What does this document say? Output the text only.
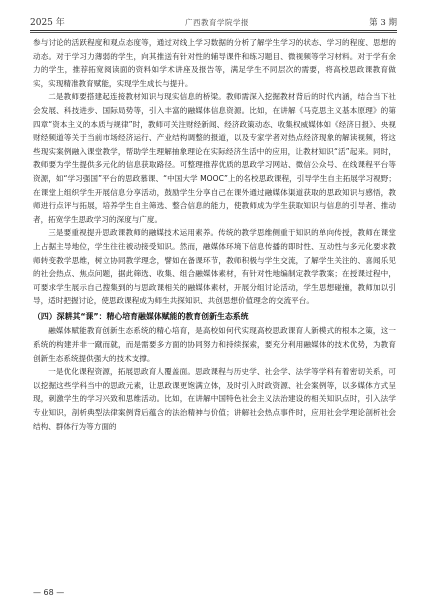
2025 年	广西教育学院学报	第 3 期

参与讨论的活跃程度和观点态度等，通过对线上学习数据的分析了解学生学习的状态、学习的程度、思想的动态。对于学习力薄弱的学生，向其推送有针对性的辅导课件和练习题目、微视频等学习材料。对于学有余力的学生，推荐拓宽阅读面的资料如学术讲座及报告等，满足学生不同层次的需要，将高校思政课教育做实，实现精准教育赋能，实现学生成长与提升。

二是教师要搭建起连接教材知识与现实信息的桥梁。教师需深入挖掘教材背后的时代内涵，结合当下社会发展、科技进步、国际局势等，引入丰富的融媒体信息资源。比如，在讲解《马克思主义基本原理》的第四章“资本主义的本质与规律”时，教师可关注财经新闻、经济政策动态、收集权威媒体如《经济日报》、央视财经频道等关于当前市场经济运行、产业结构调整的报道，以及专家学者对热点经济现象的解读视频，将这些现实案例融入课堂教学，帮助学生理解抽象理论在实际经济生活中的应用，让教材知识“活”起来。同时，教师要为学生提供多元化的信息获取路径。可整理推荐优质的思政学习网站、微信公众号、在线课程平台等资源，如“学习强国”平台的思政慕课、“中国大学 MOOC”上的名校思政课程，引导学生自主拓展学习视野；在课堂上组织学生开展信息分享活动，鼓励学生分享自己在课外通过融媒体渠道获取的思政知识与感悟，教师进行点评与拓展，培养学生自主筛选、整合信息的能力，使教师成为学生获取知识与信息的引导者、推动者，拓宽学生思政学习的深度与广度。

三是要重视提升思政课教师的融媒技术运用素养。传统的教学思维侧重于知识的单向传授，教师在课堂上占据主导地位，学生往往被动接受知识。然而，融媒体环境下信息传播的即时性、互动性与多元化要求教师转变教学思维，树立协同教学理念，譬如在备课环节，教师积极与学生交流，了解学生关注的、喜闻乐见的社会热点、焦点问题，据此筛选、收集、组合融媒体素材，有针对性地编制定教学教案；在授课过程中，可要求学生展示自己搜集到的与思政课相关的融媒体素材，开展分组讨论活动，学生思想碰撞，教师加以引导，适时把握讨论，使思政课程成为师生共探知识、共创思想价值理念的交流平台。

（四）深耕其“课”：精心培育融媒体赋能的教育创新生态系统

融媒体赋能教育创新生态系统的精心培育，是高校如何代实现高校思政课育人新模式的根本之策，这一系统的构建并非一蹴而就，而是需要多方面的协同努力和持续探索，要充分利用融媒体的技术优势，为教育创新生态系统提供强大的技术支撑。

一是优化课程资源，拓展思政育人覆盖面。思政课程与历史学、社会学、法学等学科有着密切关系，可以挖掘这些学科当中的思政元素，让思政课更饱满立体，及时引入时政资源、社会案例等，以多媒体方式呈现，刺激学生的学习兴致和思维活动。比如，在讲解中国特色社会主义法治建设的相关知识点时，引入法学专业知识，剖析典型法律案例背后蕴含的法治精神与价值；讲解社会热点事件时，应用社会学理论剖析社会结构、群体行为等方面的

— 68 —
